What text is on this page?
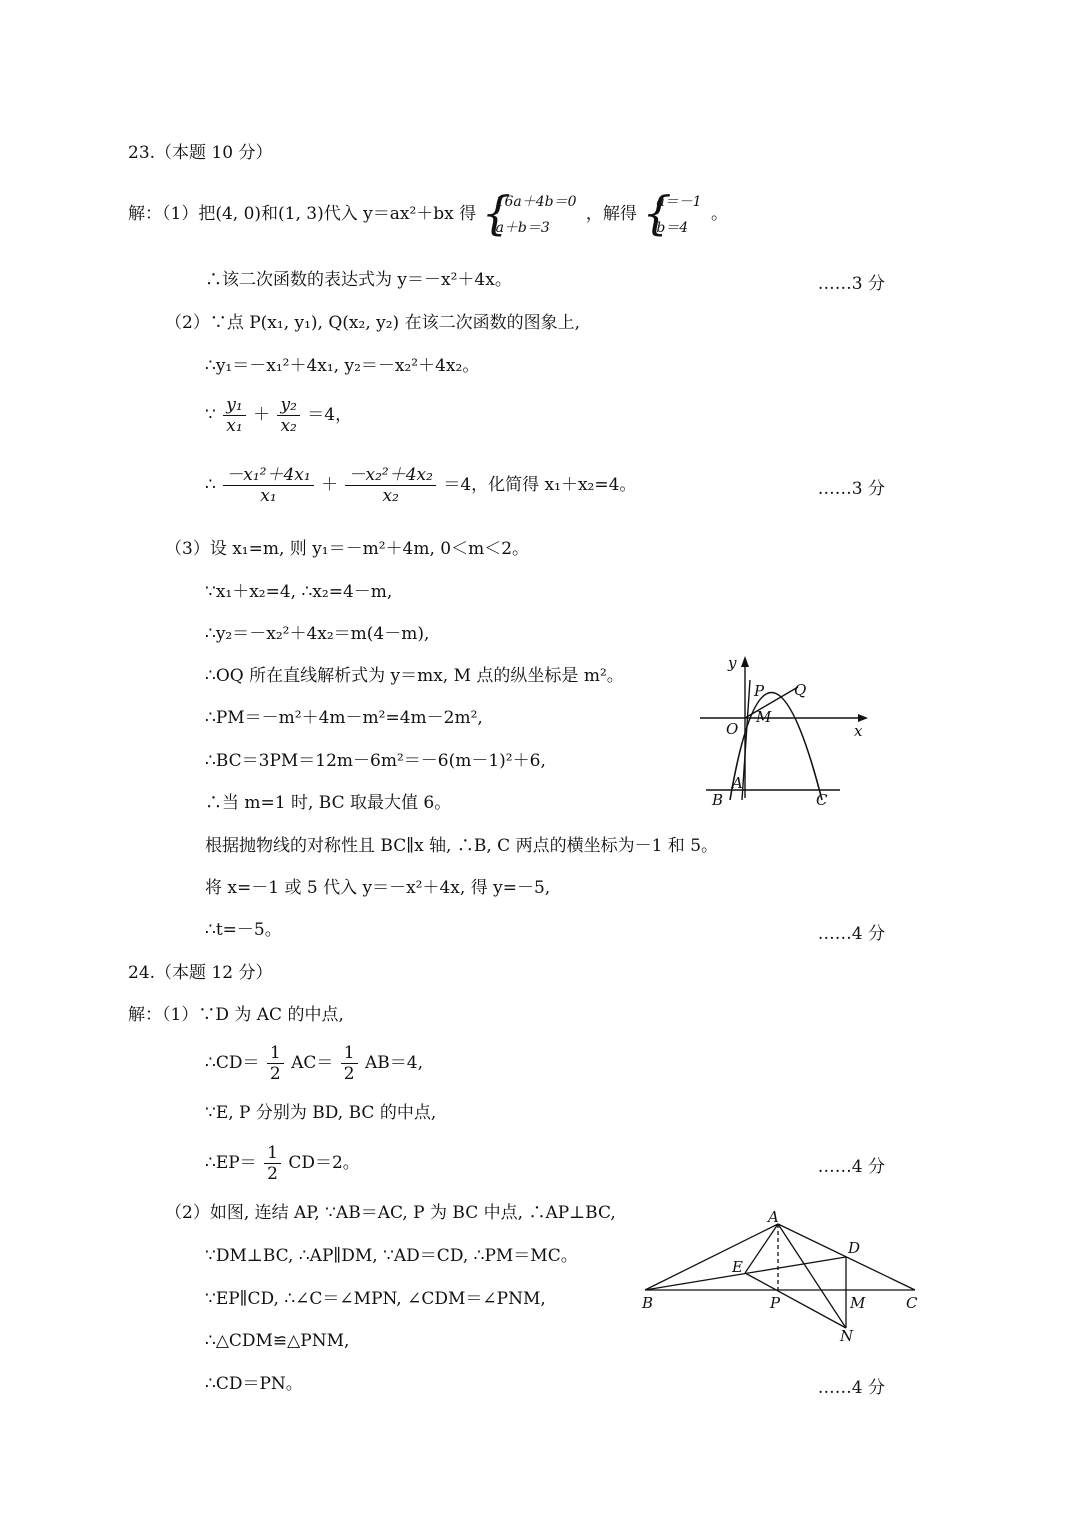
23.（本题 10 分）
解：（1）把(4, 0)和(1, 3)代入 y＝ax²＋bx 得
{ 16a＋4b＝0
a＋b＝3
，解得
{ a＝－1
b＝4
。
∴该二次函数的表达式为 y＝－x²＋4x。	……3 分
（2）∵点 P(x₁, y₁), Q(x₂, y₂) 在该二次函数的图象上,
∴y₁＝－x₁²＋4x₁, y₂＝－x₂²＋4x₂。
∵ $\frac{\text{y₁}}{\text{x₁}} + \frac{\text{y₂}}{\text{x₂}} =4$，
∴ $\frac{\text{－x₁²＋4x₁}}{\text{x₁}} + \frac{\text{－x₂²＋4x₂}}{\text{x₂}} =4$，化简得 x₁＋x₂=4。	……3 分
（3）设 x₁=m, 则 y₁＝－m²＋4m, 0＜m＜2。
∵x₁＋x₂=4, ∴x₂=4－m,
∴y₂＝－x₂²＋4x₂＝m(4－m),
∴OQ 所在直线解析式为 y＝mx, M 点的纵坐标是 m²。
∴PM＝－m²＋4m－m²=4m－2m²,
∴BC＝3PM＝12m－6m²＝－6(m－1)²＋6,
∴当 m=1 时, BC 取最大值 6。
根据抛物线的对称性且 BC∥x 轴, ∴B, C 两点的横坐标为－1 和 5。
将 x=－1 或 5 代入 y＝－x²＋4x, 得 y=－5,
∴t=－5。	……4 分
y
x
O
P Q
M
A
B	C
24.（本题 12 分）
解：（1）∵D 为 AC 的中点,
∴CD＝ $\frac{1}{2} AC= \frac{1}{2} AB=4$,
∵E, P 分别为 BD, BC 的中点,
∴EP＝ $\frac{1}{2} CD=2$。	……4 分
（2）如图, 连结 AP, ∵AB＝AC, P 为 BC 中点, ∴AP⊥BC,
∵DM⊥BC, ∴AP∥DM, ∵AD＝CD, ∴PM＝MC。
∵EP∥CD, ∴∠C＝∠MPN, ∠CDM＝∠PNM,
∴△CDM≌△PNM,
∴CD＝PN。	……4 分
A
B	C
D
E
P	M
N
